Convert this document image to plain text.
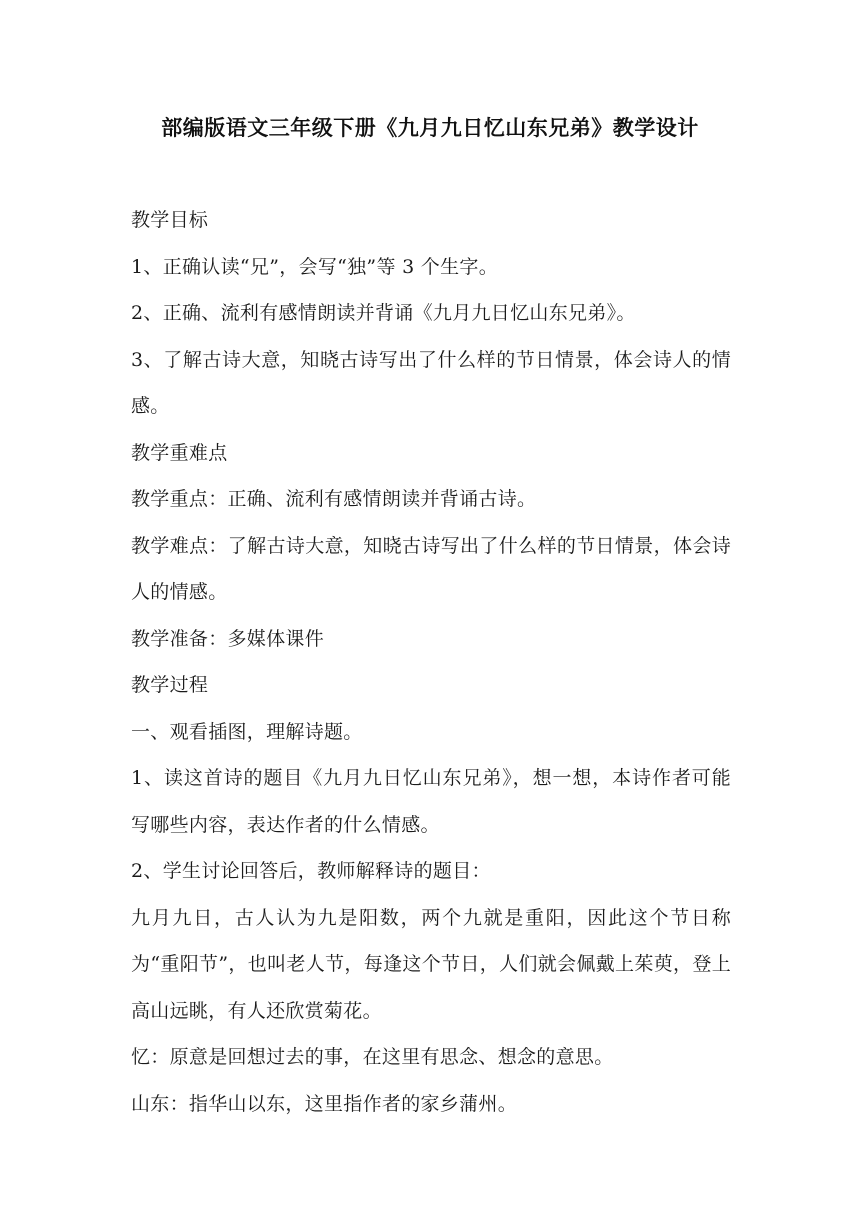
部编版语文三年级下册《九月九日忆山东兄弟》教学设计

教学目标

1、正确认读“兄”，会写“独”等 3 个生字。

2、正确、流利有感情朗读并背诵《九月九日忆山东兄弟》。

3、了解古诗大意，知晓古诗写出了什么样的节日情景，体会诗人的情感。

教学重难点

教学重点：正确、流利有感情朗读并背诵古诗。

教学难点：了解古诗大意，知晓古诗写出了什么样的节日情景，体会诗人的情感。

教学准备：多媒体课件

教学过程

一、观看插图，理解诗题。

1、读这首诗的题目《九月九日忆山东兄弟》，想一想，本诗作者可能写哪些内容，表达作者的什么情感。

2、学生讨论回答后，教师解释诗的题目：

九月九日，古人认为九是阳数，两个九就是重阳，因此这个节日称为“重阳节”，也叫老人节，每逢这个节日，人们就会佩戴上茱萸，登上高山远眺，有人还欣赏菊花。

忆：原意是回想过去的事，在这里有思念、想念的意思。

山东：指华山以东，这里指作者的家乡蒲州。
